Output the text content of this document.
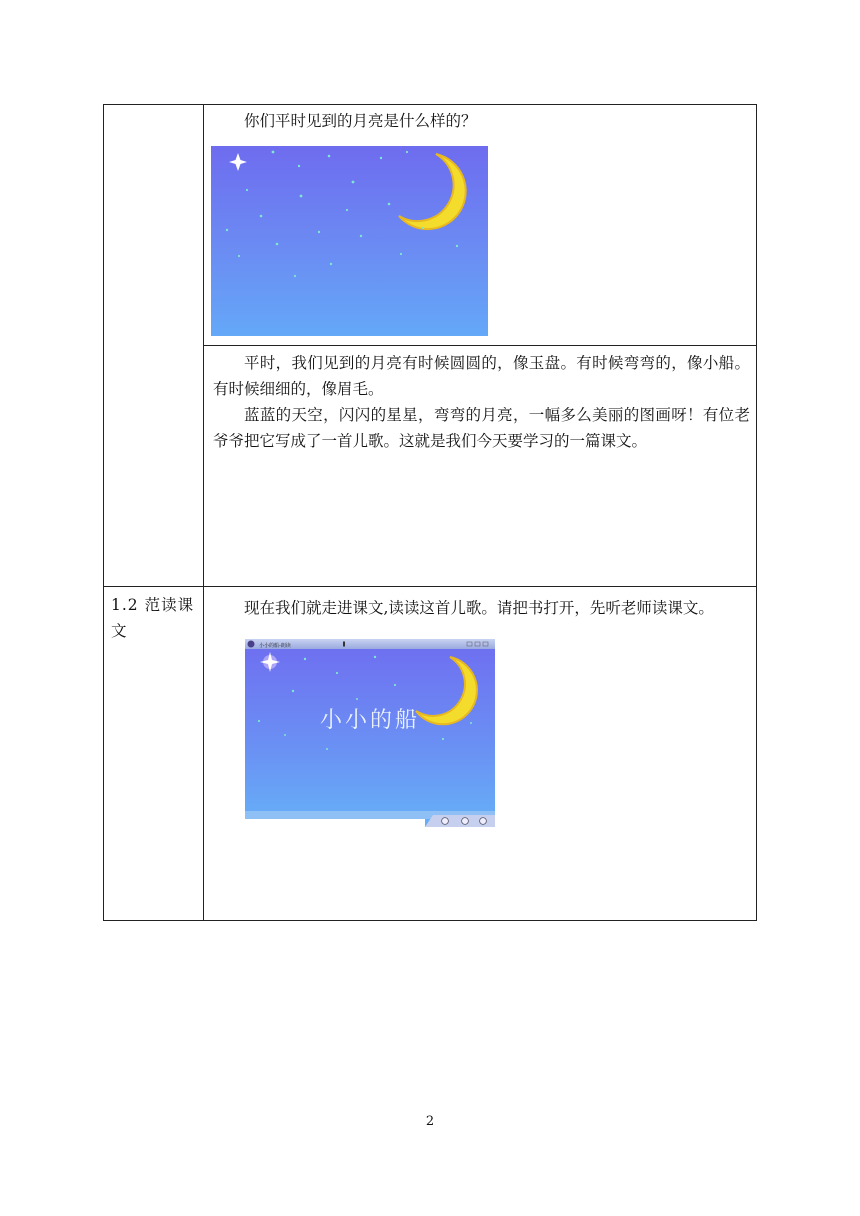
	你们平时见到的月亮是什么样的？

	平时，我们见到的月亮有时候圆圆的，像玉盘。有时候弯弯的，像小船。有时候细细的，像眉毛。

蓝蓝的天空，闪闪的星星，弯弯的月亮，一幅多么美丽的图画呀！有位老爷爷把它写成了一首儿歌。这就是我们今天要学习的一篇课文。

1.2 范读课文	现在我们就走进课文,读读这首儿歌。请把书打开，先听老师读课文。

小小的船-朗读
小小的船
2
